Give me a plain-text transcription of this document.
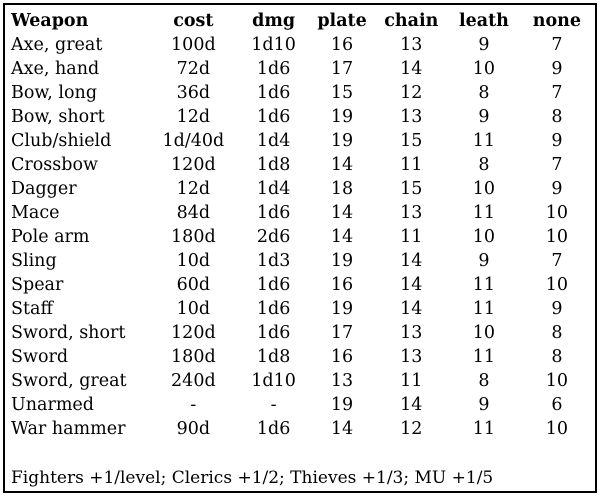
Weapon	cost	dmg	plate	chain	leath	none
Axe, great	100d	1d10	16	13	9	7
Axe, hand	72d	1d6	17	14	10	9
Bow, long	36d	1d6	15	12	8	7
Bow, short	12d	1d6	19	13	9	8
Club/shield	1d/40d	1d4	19	15	11	9
Crossbow	120d	1d8	14	11	8	7
Dagger	12d	1d4	18	15	10	9
Mace	84d	1d6	14	13	11	10
Pole arm	180d	2d6	14	11	10	10
Sling	10d	1d3	19	14	9	7
Spear	60d	1d6	16	14	11	10
Staff	10d	1d6	19	14	11	9
Sword, short	120d	1d6	17	13	10	8
Sword	180d	1d8	16	13	11	8
Sword, great	240d	1d10	13	11	8	10
Unarmed	-	-	19	14	9	6
War hammer	90d	1d6	14	12	11	10
Fighters +1/level; Clerics +1/2; Thieves +1/3; MU +1/5
